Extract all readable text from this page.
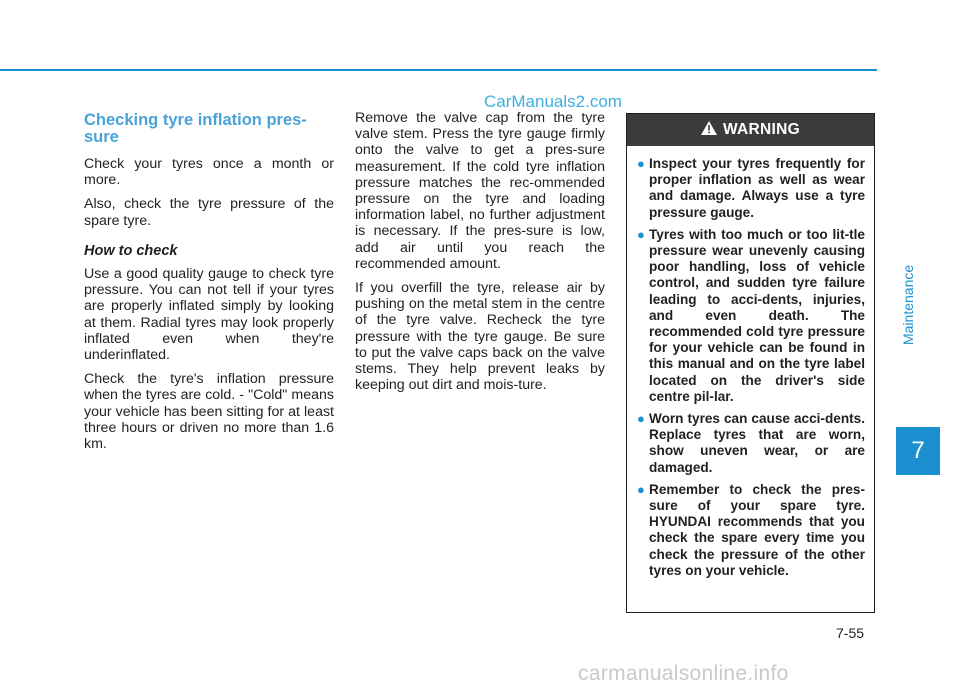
CarManuals2.com
Checking tyre inflation pres-sure

Check your tyres once a month or more.

Also, check the tyre pressure of the spare tyre.

How to check

Use a good quality gauge to check tyre pressure. You can not tell if your tyres are properly inflated simply by looking at them. Radial tyres may look properly inflated even when they're underinflated.

Check the tyre's inflation pressure when the tyres are cold. - "Cold" means your vehicle has been sitting for at least three hours or driven no more than 1.6 km.

Remove the valve cap from the tyre valve stem. Press the tyre gauge firmly onto the valve to get a pres-sure measurement. If the cold tyre inflation pressure matches the rec-ommended pressure on the tyre and loading information label, no further adjustment is necessary. If the pres-sure is low, add air until you reach the recommended amount.

If you overfill the tyre, release air by pushing on the metal stem in the centre of the tyre valve. Recheck the tyre pressure with the tyre gauge. Be sure to put the valve caps back on the valve stems. They help prevent leaks by keeping out dirt and mois-ture.

WARNING
● Inspect your tyres frequently for proper inflation as well as wear and damage. Always use a tyre pressure gauge.
● Tyres with too much or too lit-tle pressure wear unevenly causing poor handling, loss of vehicle control, and sudden tyre failure leading to acci-dents, injuries, and even death. The recommended cold tyre pressure for your vehicle can be found in this manual and on the tyre label located on the driver's side centre pil-lar.
● Worn tyres can cause acci-dents. Replace tyres that are worn, show uneven wear, or are damaged.
● Remember to check the pres-sure of your spare tyre. HYUNDAI recommends that you check the spare every time you check the pressure of the other tyres on your vehicle.
Maintenance
7
7-55
carmanualsonline.info
